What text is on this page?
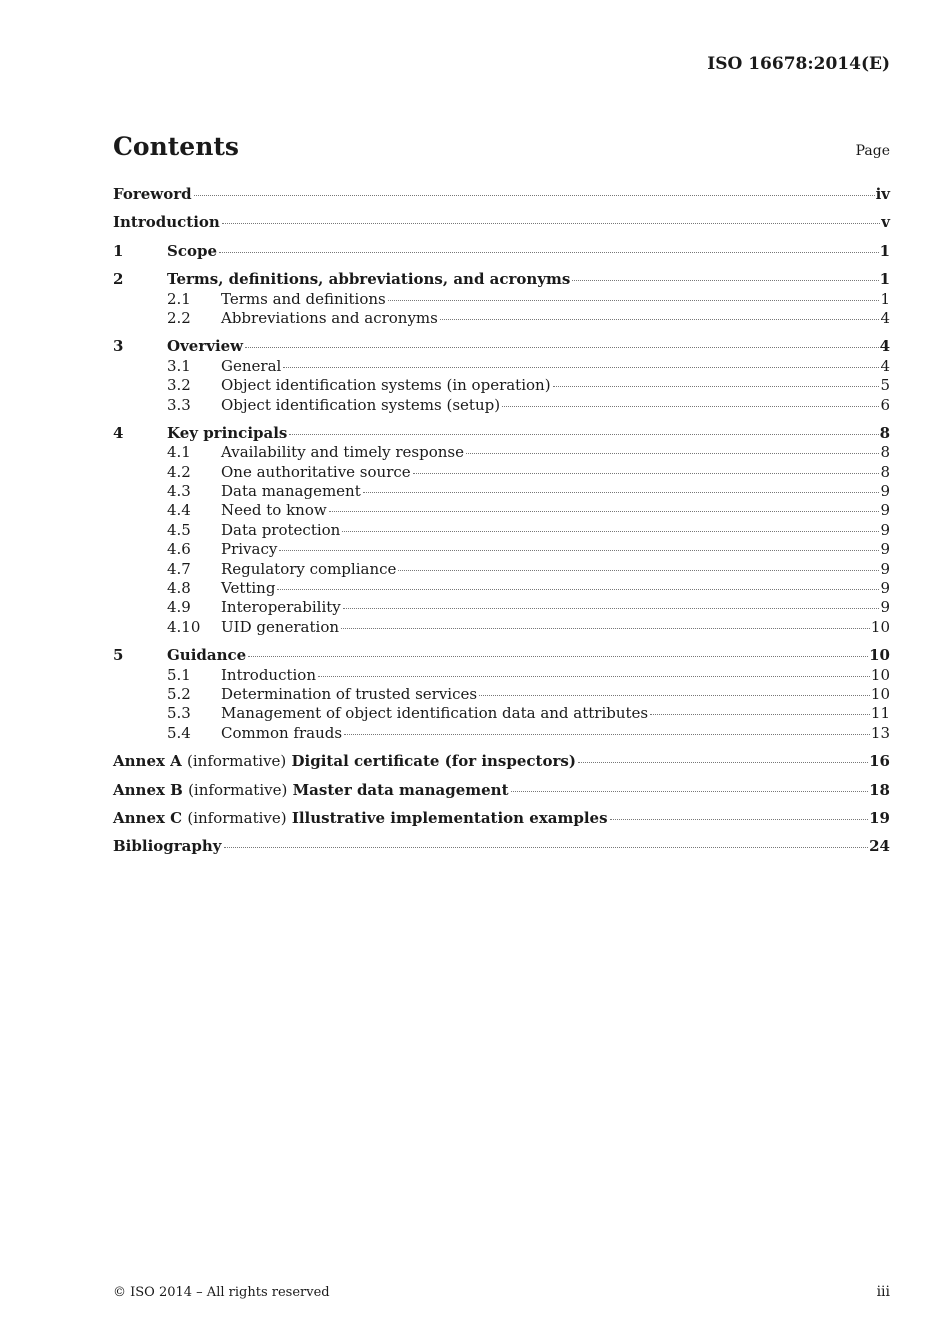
ISO 16678:2014(E)
Contents	Page
Foreword	iv
Introduction	v
1	Scope	1
2	Terms, definitions, abbreviations, and acronyms	1
2.1	Terms and definitions	1
2.2	Abbreviations and acronyms	4
3	Overview	4
3.1	General	4
3.2	Object identification systems (in operation)	5
3.3	Object identification systems (setup)	6
4	Key principals	8
4.1	Availability and timely response	8
4.2	One authoritative source	8
4.3	Data management	9
4.4	Need to know	9
4.5	Data protection	9
4.6	Privacy	9
4.7	Regulatory compliance	9
4.8	Vetting	9
4.9	Interoperability	9
4.10	UID generation	10
5	Guidance	10
5.1	Introduction	10
5.2	Determination of trusted services	10
5.3	Management of object identification data and attributes	11
5.4	Common frauds	13
Annex A (informative) Digital certificate (for inspectors)	16
Annex B (informative) Master data management	18
Annex C (informative) Illustrative implementation examples	19
Bibliography	24
© ISO 2014 – All rights reserved	iii
